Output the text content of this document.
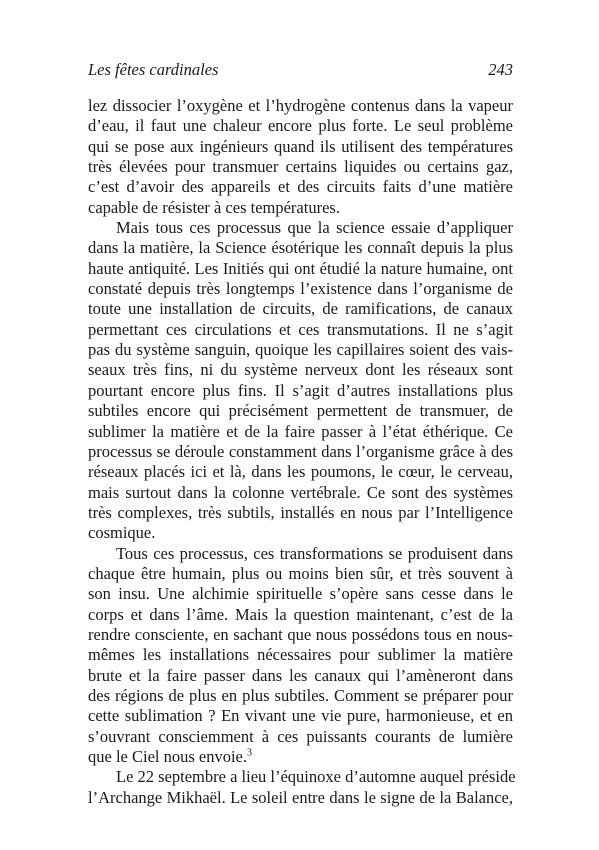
Les fêtes cardinales	243
lez dissocier l’oxygène et l’hydrogène contenus dans la vapeur
d’eau, il faut une chaleur encore plus forte. Le seul problème
qui se pose aux ingénieurs quand ils utilisent des températures
très élevées pour transmuer certains liquides ou certains gaz,
c’est d’avoir des appareils et des circuits faits d’une matière
capable de résister à ces températures.
Mais tous ces processus que la science essaie d’appliquer
dans la matière, la Science ésotérique les connaît depuis la plus
haute antiquité. Les Initiés qui ont étudié la nature humaine, ont
constaté depuis très longtemps l’existence dans l’organisme de
toute une installation de circuits, de ramifications, de canaux
permettant ces circulations et ces transmutations. Il ne s’agit
pas du système sanguin, quoique les capillaires soient des vais-
seaux très fins, ni du système nerveux dont les réseaux sont
pourtant encore plus fins. Il s’agit d’autres installations plus
subtiles encore qui précisément permettent de transmuer, de
sublimer la matière et de la faire passer à l’état éthérique. Ce
processus se déroule constamment dans l’organisme grâce à des
réseaux placés ici et là, dans les poumons, le cœur, le cerveau,
mais surtout dans la colonne vertébrale. Ce sont des systèmes
très complexes, très subtils, installés en nous par l’Intelligence
cosmique.
Tous ces processus, ces transformations se produisent dans
chaque être humain, plus ou moins bien sûr, et très souvent à
son insu. Une alchimie spirituelle s’opère sans cesse dans le
corps et dans l’âme. Mais la question maintenant, c’est de la
rendre consciente, en sachant que nous possédons tous en nous-
mêmes les installations nécessaires pour sublimer la matière
brute et la faire passer dans les canaux qui l’amèneront dans
des régions de plus en plus subtiles. Comment se préparer pour
cette sublimation ? En vivant une vie pure, harmonieuse, et en
s’ouvrant consciemment à ces puissants courants de lumière
que le Ciel nous envoie.$^3$
Le 22 septembre a lieu l’équinoxe d’automne auquel préside
l’Archange Mikhaël. Le soleil entre dans le signe de la Balance,
